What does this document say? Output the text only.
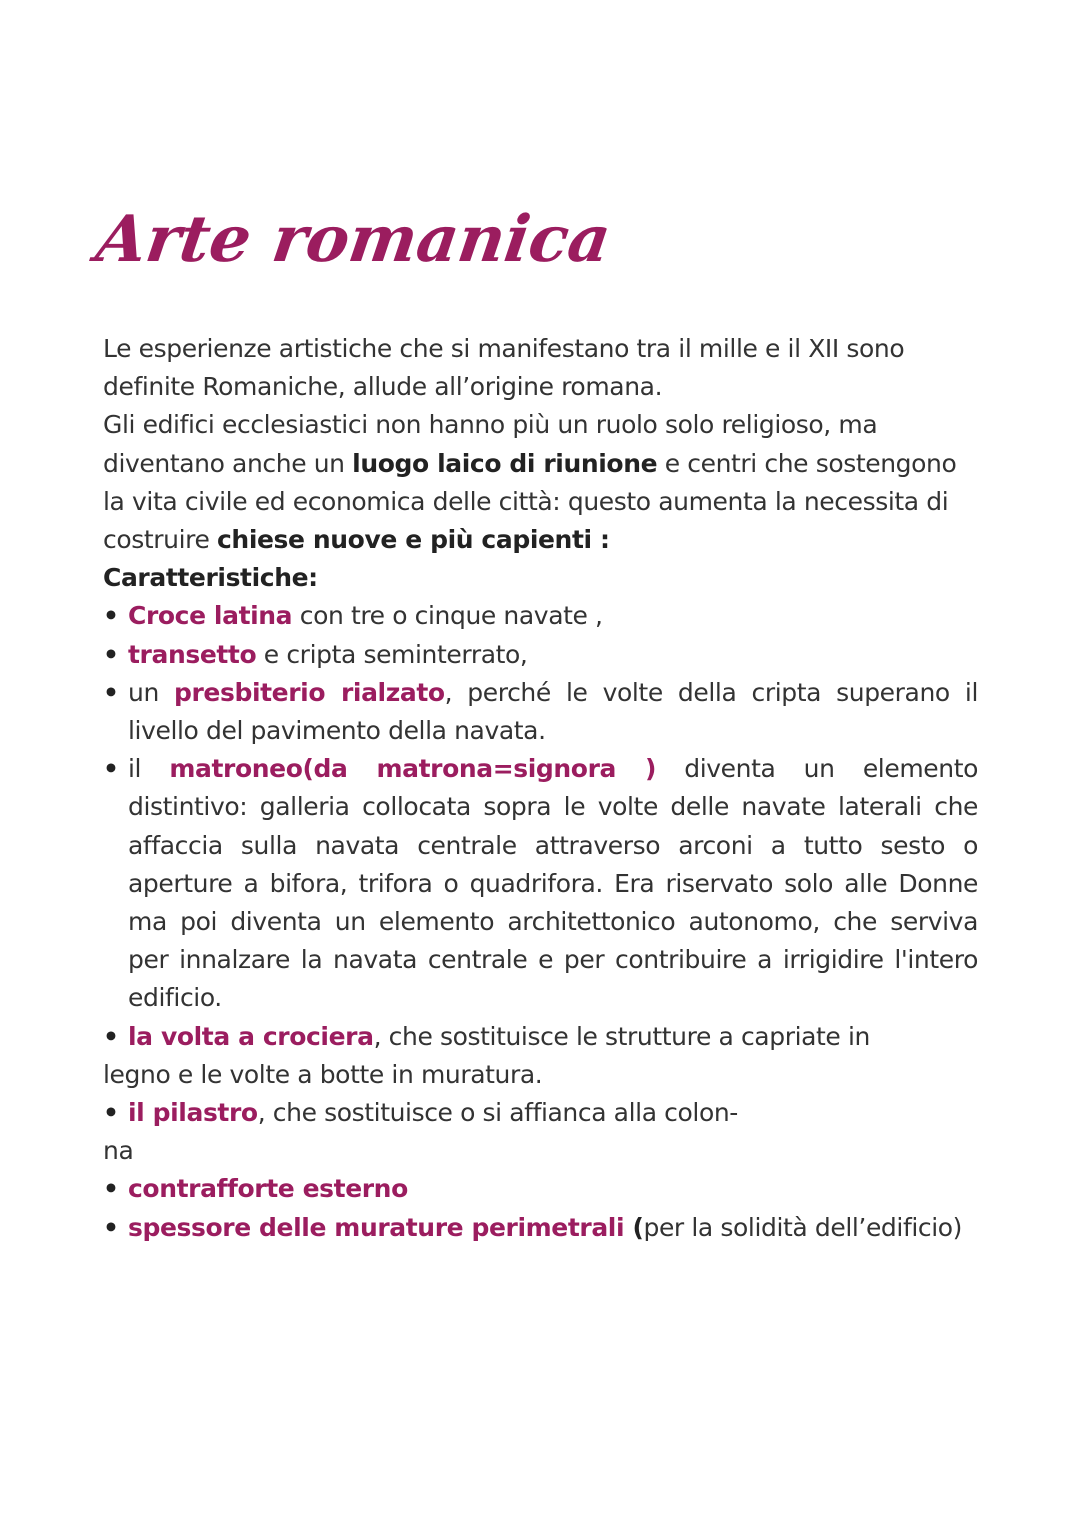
Arte romanica

Le esperienze artistiche che si manifestano tra il mille e il XII sono definite Romaniche, allude all’origine romana.

Gli edifici ecclesiastici non hanno più un ruolo solo religioso, ma diventano anche un luogo laico di riunione e centri che sostengono la vita civile ed economica delle città: questo aumenta la necessita di costruire chiese nuove e più capienti :

Caratteristiche:

• Croce latina con tre o cinque navate ,
• transetto e cripta seminterrato,
• un presbiterio rialzato, perché le volte della cripta superano il livello del pavimento della navata.
• il matroneo(da matrona=signora ) diventa un elemento distintivo: galleria collocata sopra le volte delle navate laterali che affaccia sulla navata centrale attraverso arconi a tutto sesto o aperture a bifora, trifora o quadrifora. Era riservato solo alle Donne ma poi diventa un elemento architettonico autonomo, che serviva per innalzare la navata centrale e per contribuire a irrigidire l'intero edificio.
• la volta a crociera, che sostituisce le strutture a capriate in

legno e le volte a botte in muratura.

• il pilastro, che sostituisce o si affianca alla colon-

na

• contrafforte esterno
• spessore delle murature perimetrali (per la solidità dell’edificio)
